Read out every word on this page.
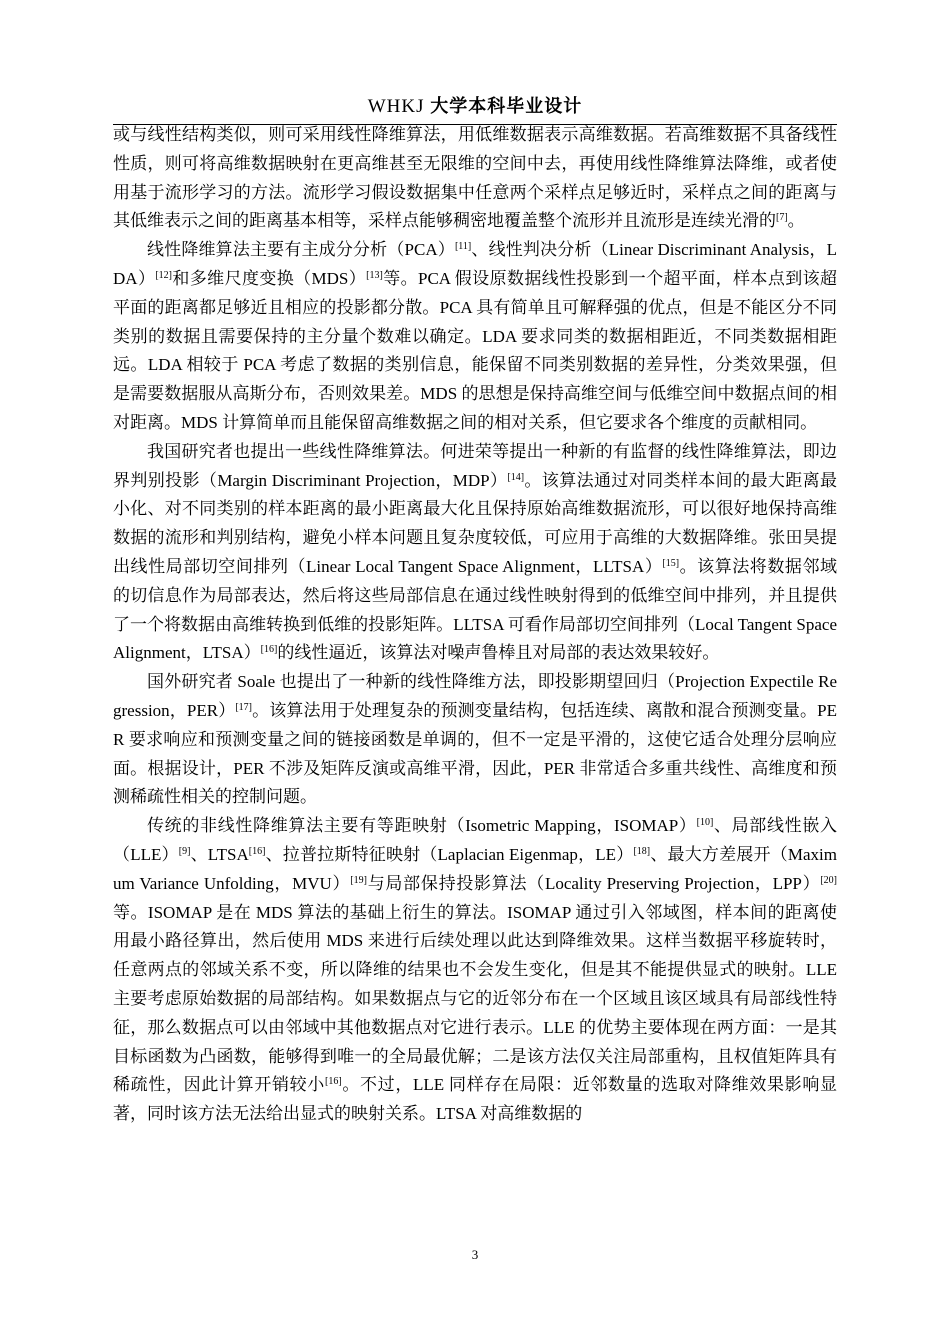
WHKJ 大学本科毕业设计

或与线性结构类似，则可采用线性降维算法，用低维数据表示高维数据。若高维数据不具备线性性质，则可将高维数据映射在更高维甚至无限维的空间中去，再使用线性降维算法降维，或者使用基于流形学习的方法。流形学习假设数据集中任意两个采样点足够近时，采样点之间的距离与其低维表示之间的距离基本相等，采样点能够稠密地覆盖整个流形并且流形是连续光滑的[7]。

线性降维算法主要有主成分分析（PCA）[11]、线性判决分析（Linear Discriminant Analysis，LDA）[12]和多维尺度变换（MDS）[13]等。PCA 假设原数据线性投影到一个超平面，样本点到该超平面的距离都足够近且相应的投影都分散。PCA 具有简单且可解释强的优点，但是不能区分不同类别的数据且需要保持的主分量个数难以确定。LDA 要求同类的数据相距近，不同类数据相距远。LDA 相较于 PCA 考虑了数据的类别信息，能保留不同类别数据的差异性，分类效果强，但是需要数据服从高斯分布，否则效果差。MDS 的思想是保持高维空间与低维空间中数据点间的相对距离。MDS 计算简单而且能保留高维数据之间的相对关系，但它要求各个维度的贡献相同。

我国研究者也提出一些线性降维算法。何进荣等提出一种新的有监督的线性降维算法，即边界判别投影（Margin Discriminant Projection，MDP）[14]。该算法通过对同类样本间的最大距离最小化、对不同类别的样本距离的最小距离最大化且保持原始高维数据流形，可以很好地保持高维数据的流形和判别结构，避免小样本问题且复杂度较低，可应用于高维的大数据降维。张田昊提出线性局部切空间排列（Linear Local Tangent Space Alignment，LLTSA）[15]。该算法将数据邻域的切信息作为局部表达，然后将这些局部信息在通过线性映射得到的低维空间中排列，并且提供了一个将数据由高维转换到低维的投影矩阵。LLTSA 可看作局部切空间排列（Local Tangent Space Alignment，LTSA）[16]的线性逼近，该算法对噪声鲁棒且对局部的表达效果较好。

国外研究者 Soale 也提出了一种新的线性降维方法，即投影期望回归（Projection Expectile Regression，PER）[17]。该算法用于处理复杂的预测变量结构，包括连续、离散和混合预测变量。PER 要求响应和预测变量之间的链接函数是单调的，但不一定是平滑的，这使它适合处理分层响应面。根据设计，PER 不涉及矩阵反演或高维平滑，因此，PER 非常适合多重共线性、高维度和预测稀疏性相关的控制问题。

传统的非线性降维算法主要有等距映射（Isometric Mapping，ISOMAP）[10]、局部线性嵌入（LLE）[9]、LTSA[16]、拉普拉斯特征映射（Laplacian Eigenmap，LE）[18]、最大方差展开（Maximum Variance Unfolding，MVU）[19]与局部保持投影算法（Locality Preserving Projection，LPP）[20]等。ISOMAP 是在 MDS 算法的基础上衍生的算法。ISOMAP 通过引入邻域图，样本间的距离使用最小路径算出，然后使用 MDS 来进行后续处理以此达到降维效果。这样当数据平移旋转时，任意两点的邻域关系不变，所以降维的结果也不会发生变化，但是其不能提供显式的映射。LLE 主要考虑原始数据的局部结构。如果数据点与它的近邻分布在一个区域且该区域具有局部线性特征，那么数据点可以由邻域中其他数据点对它进行表示。LLE 的优势主要体现在两方面：一是其目标函数为凸函数，能够得到唯一的全局最优解；二是该方法仅关注局部重构，且权值矩阵具有稀疏性，因此计算开销较小[16]。不过，LLE 同样存在局限：近邻数量的选取对降维效果影响显著，同时该方法无法给出显式的映射关系。LTSA 对高维数据的

3
